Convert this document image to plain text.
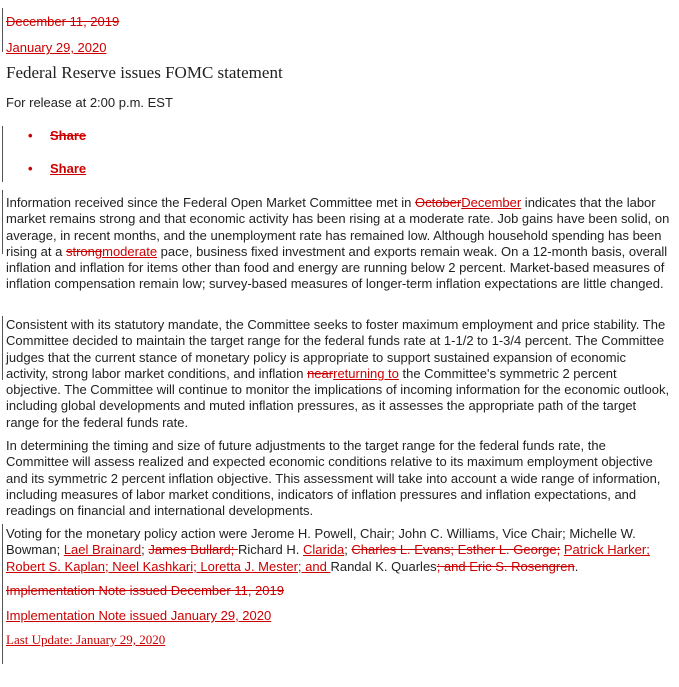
December 11, 2019
January 29, 2020
Federal Reserve issues FOMC statement
For release at 2:00 p.m. EST
• Share
• Share

Information received since the Federal Open Market Committee met in OctoberDecember indicates that the labor market remains strong and that economic activity has been rising at a moderate rate. Job gains have been solid, on average, in recent months, and the unemployment rate has remained low. Although household spending has been rising at a strongmoderate pace, business fixed investment and exports remain weak. On a 12-month basis, overall inflation and inflation for items other than food and energy are running below 2 percent. Market-based measures of inflation compensation remain low; survey-based measures of longer-term inflation expectations are little changed.

Consistent with its statutory mandate, the Committee seeks to foster maximum employment and price stability. The Committee decided to maintain the target range for the federal funds rate at 1-1/2 to 1-3/4 percent. The Committee judges that the current stance of monetary policy is appropriate to support sustained expansion of economic activity, strong labor market conditions, and inflation nearreturning to the Committee's symmetric 2 percent objective. The Committee will continue to monitor the implications of incoming information for the economic outlook, including global developments and muted inflation pressures, as it assesses the appropriate path of the target range for the federal funds rate.

In determining the timing and size of future adjustments to the target range for the federal funds rate, the Committee will assess realized and expected economic conditions relative to its maximum employment objective and its symmetric 2 percent inflation objective. This assessment will take into account a wide range of information, including measures of labor market conditions, indicators of inflation pressures and inflation expectations, and readings on financial and international developments.

Voting for the monetary policy action were Jerome H. Powell, Chair; John C. Williams, Vice Chair; Michelle W. Bowman; Lael Brainard; James Bullard; Richard H. Clarida; Charles L. Evans; Esther L. George; Patrick Harker; Robert S. Kaplan; Neel Kashkari; Loretta J. Mester; and Randal K. Quarles; and Eric S. Rosengren.

Implementation Note issued December 11, 2019
Implementation Note issued January 29, 2020
Last Update: January 29, 2020
